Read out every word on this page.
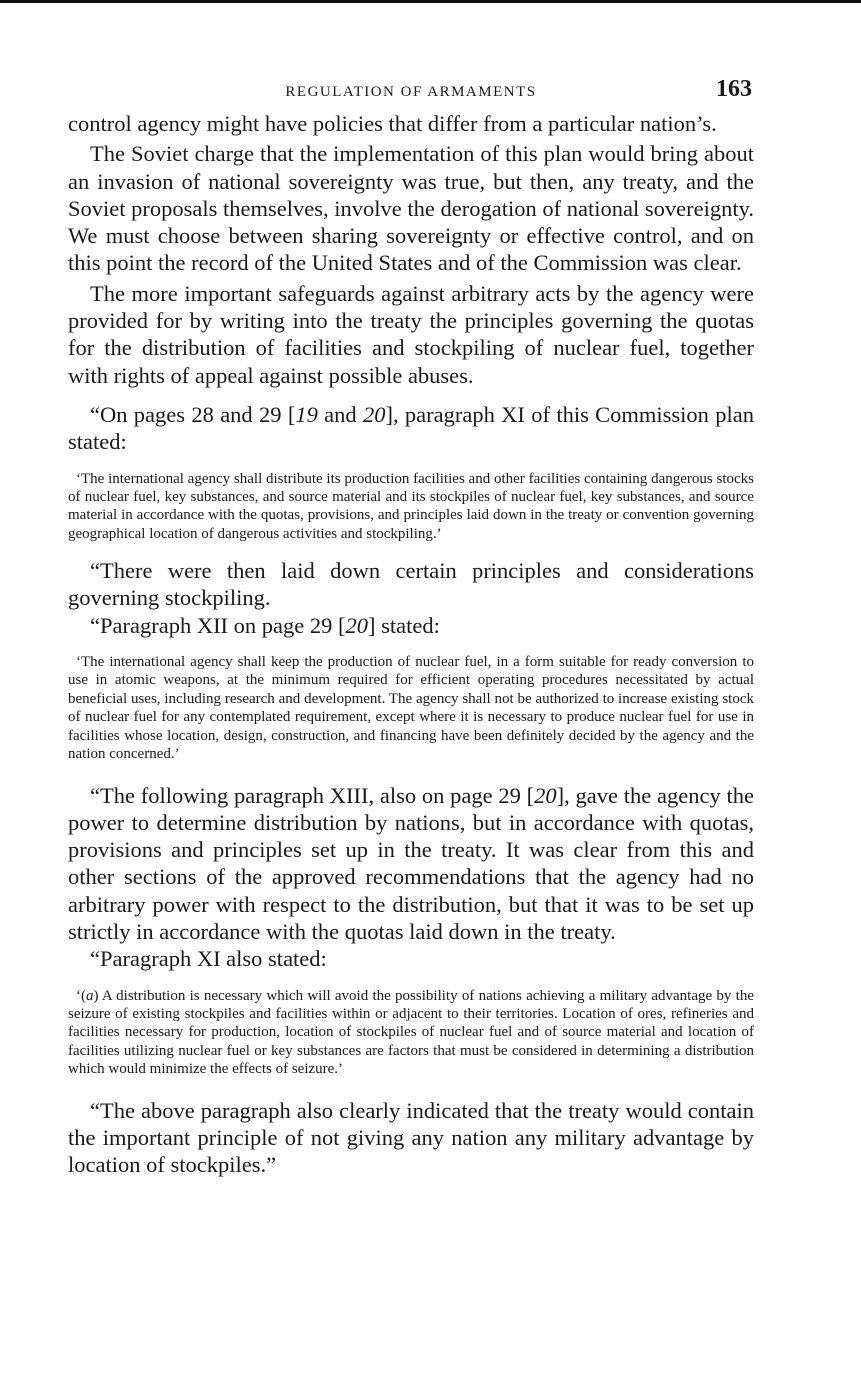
REGULATION OF ARMAMENTS	163

control agency might have policies that differ from a particular nation’s.

The Soviet charge that the implementation of this plan would bring about an invasion of national sovereignty was true, but then, any treaty, and the Soviet proposals themselves, involve the derogation of national sovereignty. We must choose between sharing sovereignty or effective control, and on this point the record of the United States and of the Commission was clear.

The more important safeguards against arbitrary acts by the agency were provided for by writing into the treaty the principles governing the quotas for the distribution of facilities and stockpiling of nuclear fuel, together with rights of appeal against possible abuses.

“On pages 28 and 29 [19 and 20], paragraph XI of this Commission plan stated:

‘The international agency shall distribute its production facilities and other facilities containing dangerous stocks of nuclear fuel, key substances, and source material and its stockpiles of nuclear fuel, key substances, and source material in accordance with the quotas, provisions, and principles laid down in the treaty or convention governing geographical location of dangerous activities and stockpiling.’

“There were then laid down certain principles and considerations governing stockpiling.

“Paragraph XII on page 29 [20] stated:

‘The international agency shall keep the production of nuclear fuel, in a form suitable for ready conversion to use in atomic weapons, at the minimum required for efficient operating procedures necessitated by actual beneficial uses, including research and development. The agency shall not be authorized to increase existing stock of nuclear fuel for any contemplated requirement, except where it is necessary to produce nuclear fuel for use in facilities whose location, design, construction, and financing have been definitely decided by the agency and the nation concerned.’

“The following paragraph XIII, also on page 29 [20], gave the agency the power to determine distribution by nations, but in accordance with quotas, provisions and principles set up in the treaty. It was clear from this and other sections of the approved recommendations that the agency had no arbitrary power with respect to the distribution, but that it was to be set up strictly in accordance with the quotas laid down in the treaty.

“Paragraph XI also stated:

‘(a) A distribution is necessary which will avoid the possibility of nations achieving a military advantage by the seizure of existing stockpiles and facilities within or adjacent to their territories. Location of ores, refineries and facilities necessary for production, location of stockpiles of nuclear fuel and of source material and location of facilities utilizing nuclear fuel or key substances are factors that must be considered in determining a distribution which would minimize the effects of seizure.’

“The above paragraph also clearly indicated that the treaty would contain the important principle of not giving any nation any military advantage by location of stockpiles.”
